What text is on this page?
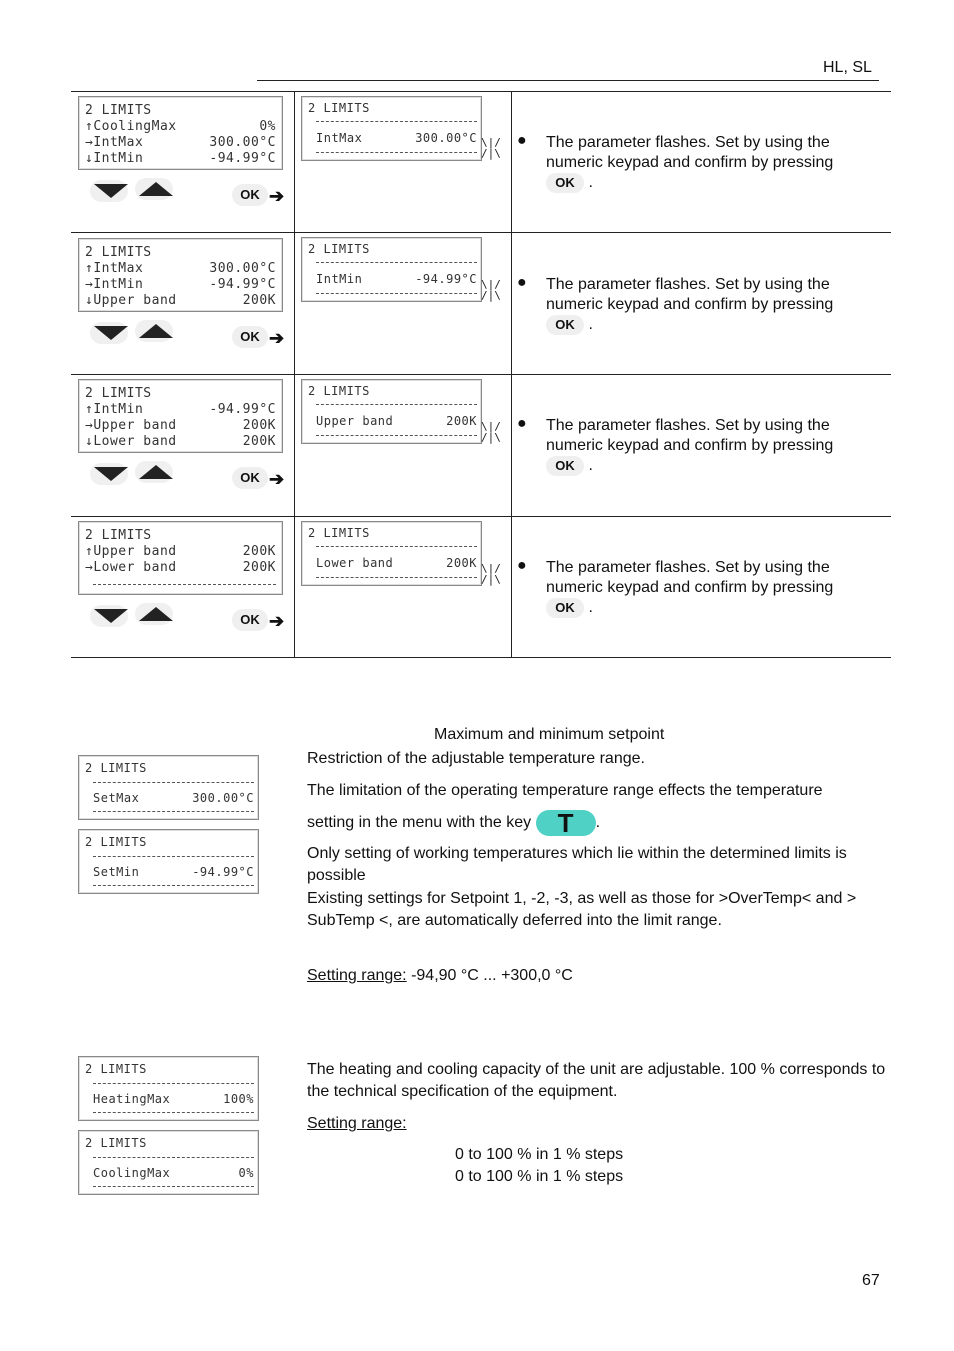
HL, SL
2 LIMITS
↑CoolingMax	0%
→IntMax	300.00°C
↓IntMin	-94.99°C
OK ➔
2 LIMITS
IntMax	300.00°C \|/
/|\
● The parameter flashes. Set by using the numeric keypad and confirm by pressing
OK .
2 LIMITS
↑IntMax	300.00°C
→IntMin	-94.99°C
↓Upper band	200K
OK ➔
2 LIMITS
IntMin	-94.99°C \|/
/|\
● The parameter flashes. Set by using the numeric keypad and confirm by pressing
OK .
2 LIMITS
↑IntMin	-94.99°C
→Upper band	200K
↓Lower band	200K
OK ➔
2 LIMITS
Upper band	200K \|/
/|\
● The parameter flashes. Set by using the numeric keypad and confirm by pressing
OK .
2 LIMITS
↑Upper band	200K
→Lower band	200K
OK ➔
2 LIMITS
Lower band	200K \|/
/|\
● The parameter flashes. Set by using the numeric keypad and confirm by pressing
OK .
Maximum and minimum setpoint
Restriction of the adjustable temperature range.
The limitation of the operating temperature range effects the temperature
setting in the menu with the key T .
Only setting of working temperatures which lie within the determined limits is possible
Existing settings for Setpoint 1, -2, -3, as well as those for >OverTemp< and > SubTemp <, are automatically deferred into the limit range.
Setting range: -94,90 °C ... +300,0 °C
2 LIMITS
SetMax	300.00°C
2 LIMITS
SetMin	-94.99°C
The heating and cooling capacity of the unit are adjustable. 100 % corresponds to the technical specification of the equipment.
Setting range:
0 to 100 % in 1 % steps
0 to 100 % in 1 % steps
2 LIMITS
HeatingMax	100%
2 LIMITS
CoolingMax	0%
67
